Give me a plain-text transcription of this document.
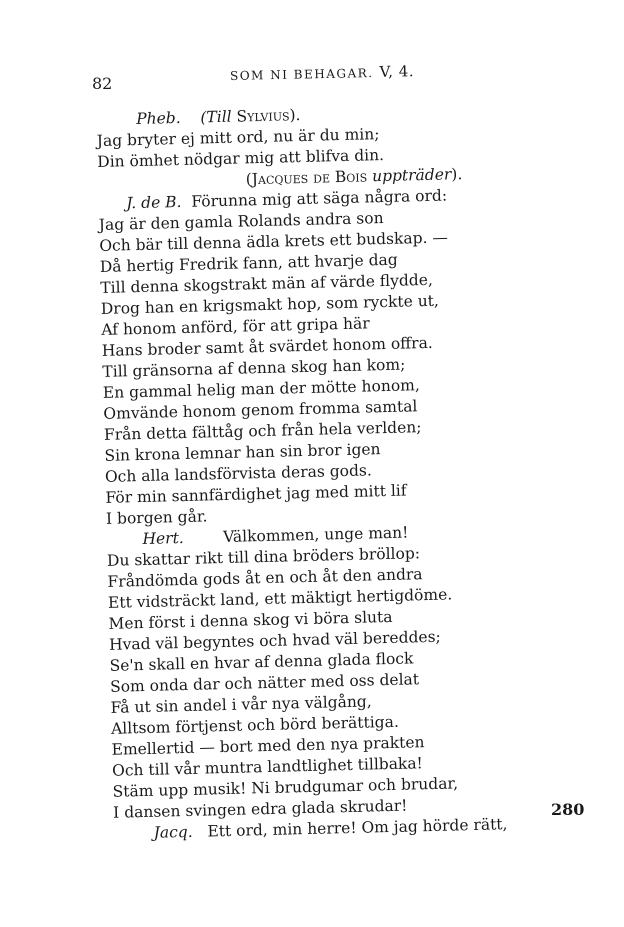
82	SOM NI BEHAGAR. V, 4.
Pheb. (Till Sylvius).
Jag bryter ej mitt ord, nu är du min;
Din ömhet nödgar mig att blifva din.
(Jacques de Bois uppträder).
J. de B. Förunna mig att säga några ord:
Jag är den gamla Rolands andra son
Och bär till denna ädla krets ett budskap. —
Då hertig Fredrik fann, att hvarje dag
Till denna skogstrakt män af värde flydde,
Drog han en krigsmakt hop, som ryckte ut,
Af honom anförd, för att gripa här
Hans broder samt åt svärdet honom offra.
Till gränsorna af denna skog han kom;
En gammal helig man der mötte honom,
Omvände honom genom fromma samtal
Från detta fälttåg och från hela verlden;
Sin krona lemnar han sin bror igen
Och alla landsförvista deras gods.
För min sannfärdighet jag med mitt lif
I borgen går.
Hert.	Välkommen, unge man!
Du skattar rikt till dina bröders bröllop:
Fråndömda gods åt en och åt den andra
Ett vidsträckt land, ett mäktigt hertigdöme.
Men först i denna skog vi böra sluta
Hvad väl begyntes och hvad väl bereddes;
Se'n skall en hvar af denna glada flock
Som onda dar och nätter med oss delat
Få ut sin andel i vår nya välgång,
Alltsom förtjenst och börd berättiga.
Emellertid — bort med den nya prakten
Och till vår muntra landtlighet tillbaka!
Stäm upp musik! Ni brudgumar och brudar,
I dansen svingen edra glada skrudar!
Jacq. Ett ord, min herre! Om jag hörde rätt,
280
